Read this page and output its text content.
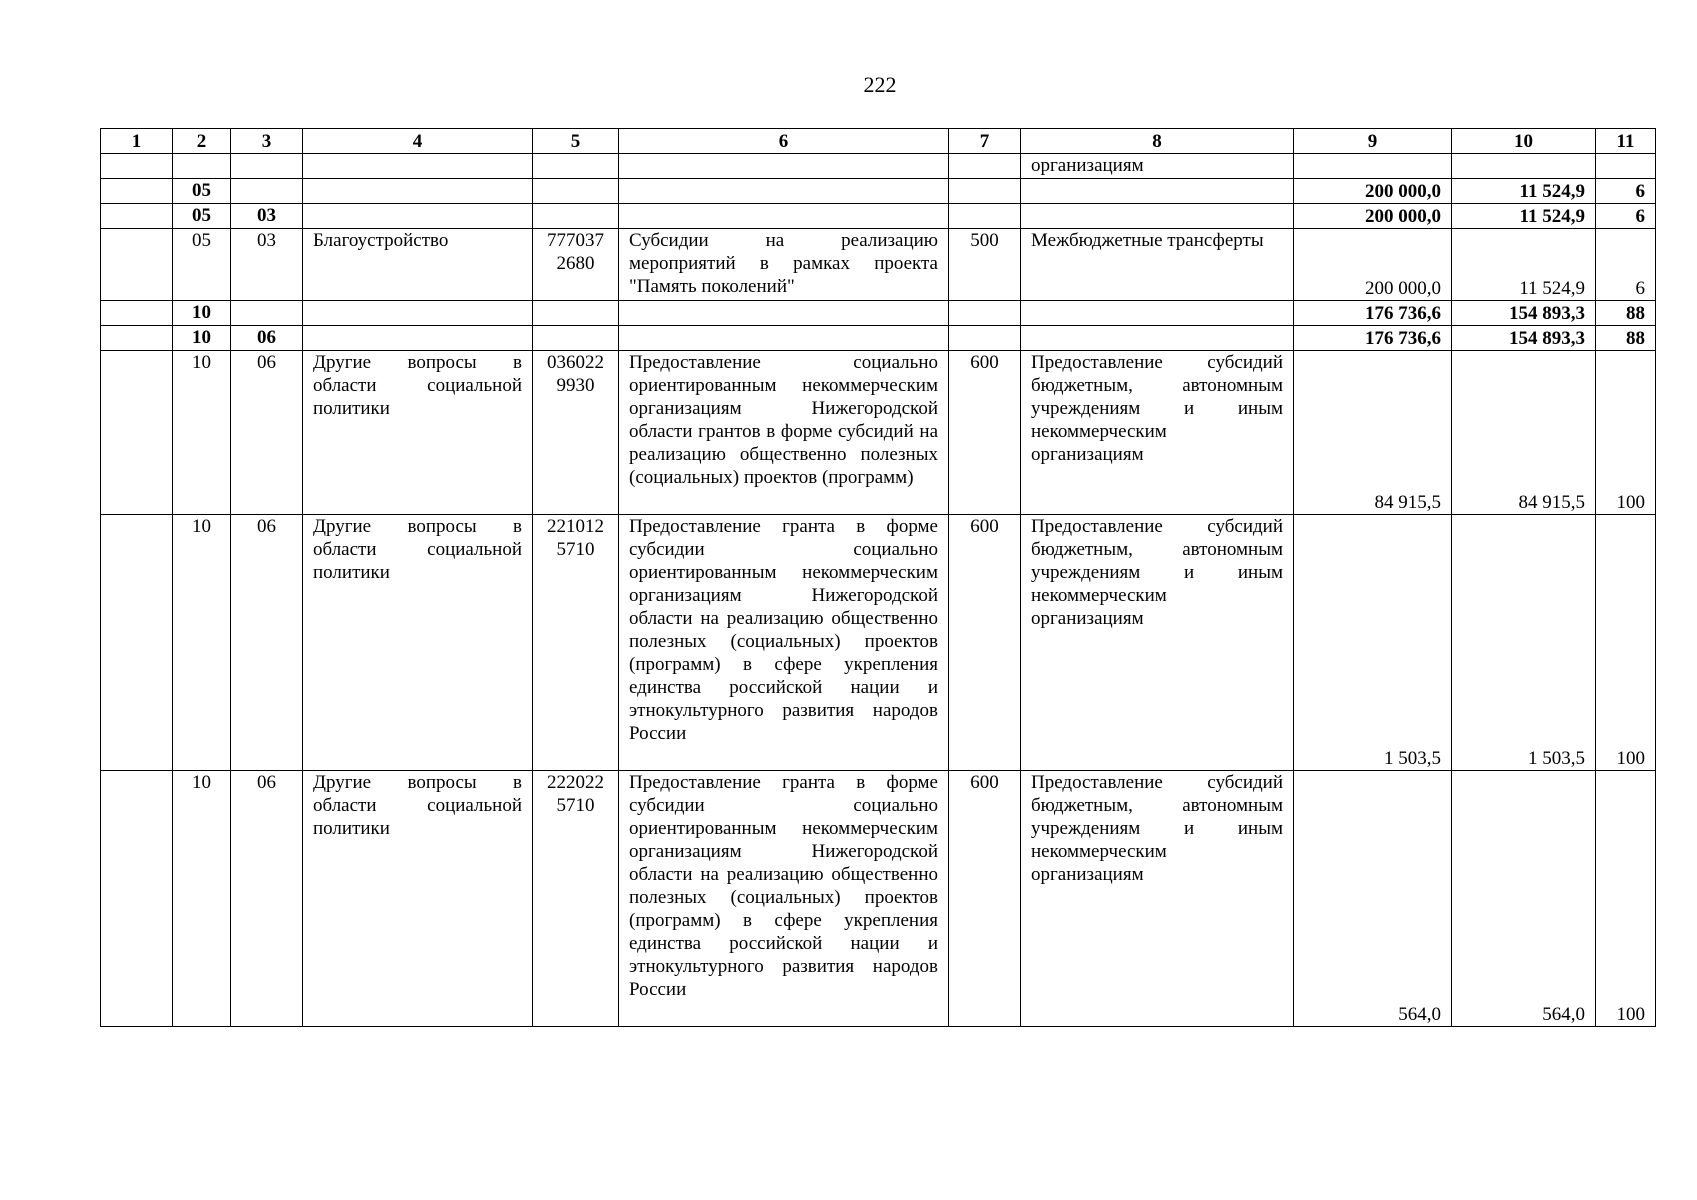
222
1	2	3	4	5	6	7	8	9	10	11
							организациям			
	05							200 000,0	11 524,9	6
	05	03						200 000,0	11 524,9	6
	05	03	Благоустройство	777037 2680	Субсидии на реализацию мероприятий в рамках проекта "Память поколений"	500	Межбюджетные трансферты	200 000,0	11 524,9	6
	10							176 736,6	154 893,3	88
	10	06						176 736,6	154 893,3	88
	10	06	Другие вопросы в области социальной политики	036022 9930	Предоставление социально ориентированным некоммерческим организациям Нижегородской области грантов в форме субсидий на реализацию общественно полезных (социальных) проектов (программ)	600	Предоставление субсидий бюджетным, автономным учреждениям и иным некоммерческим организациям	84 915,5	84 915,5	100
	10	06	Другие вопросы в области социальной политики	221012 5710	Предоставление гранта в форме субсидии социально ориентированным некоммерческим организациям Нижегородской области на реализацию общественно полезных (социальных) проектов (программ) в сфере укрепления единства российской нации и этнокультурного развития народов России	600	Предоставление субсидий бюджетным, автономным учреждениям и иным некоммерческим организациям	1 503,5	1 503,5	100
	10	06	Другие вопросы в области социальной политики	222022 5710	Предоставление гранта в форме субсидии социально ориентированным некоммерческим организациям Нижегородской области на реализацию общественно полезных (социальных) проектов (программ) в сфере укрепления единства российской нации и этнокультурного развития народов России	600	Предоставление субсидий бюджетным, автономным учреждениям и иным некоммерческим организациям	564,0	564,0	100
